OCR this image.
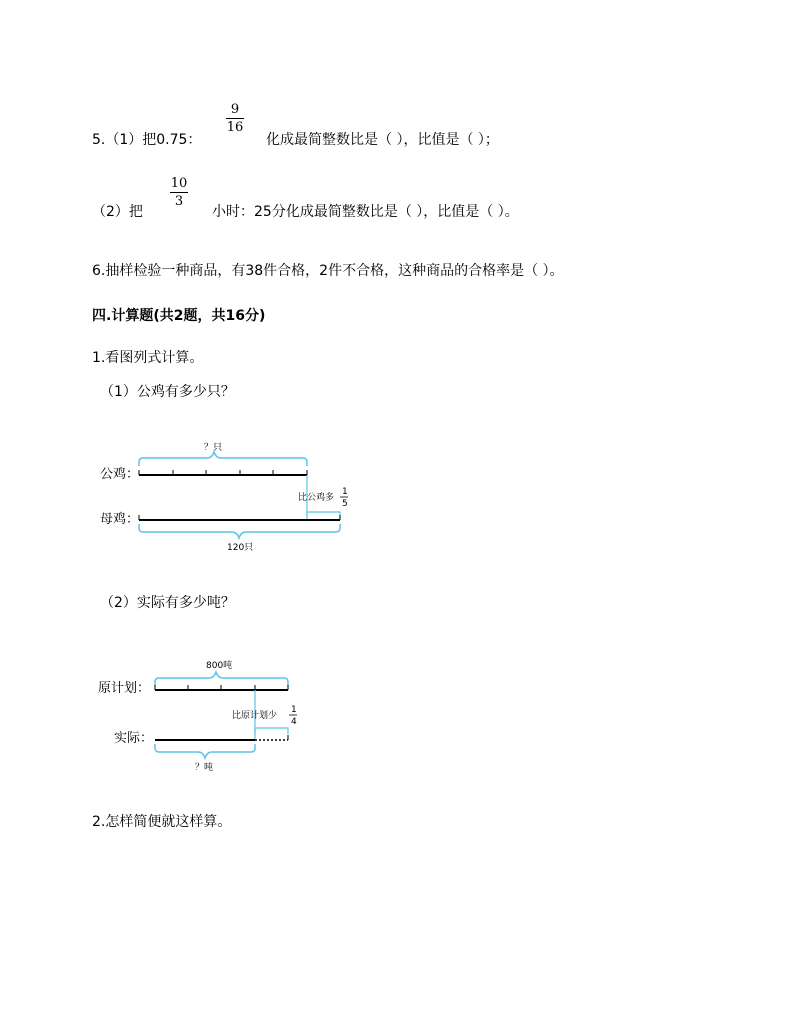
5.（1）把0.75：
9
16
化成最简整数比是（ ），比值是（ ）；
（2）把
10
3
小时：25分化成最简整数比是（ ），比值是（ ）。
6.抽样检验一种商品，有38件合格，2件不合格，这种商品的合格率是（ ）。
四.计算题(共2题，共16分)
1.看图列式计算。
（1）公鸡有多少只？
？只
公鸡：
比公鸡多
1
5
母鸡：
120只
（2）实际有多少吨？
800吨
原计划：
比原计划少
1
4
实际：
？吨
2.怎样简便就这样算。
